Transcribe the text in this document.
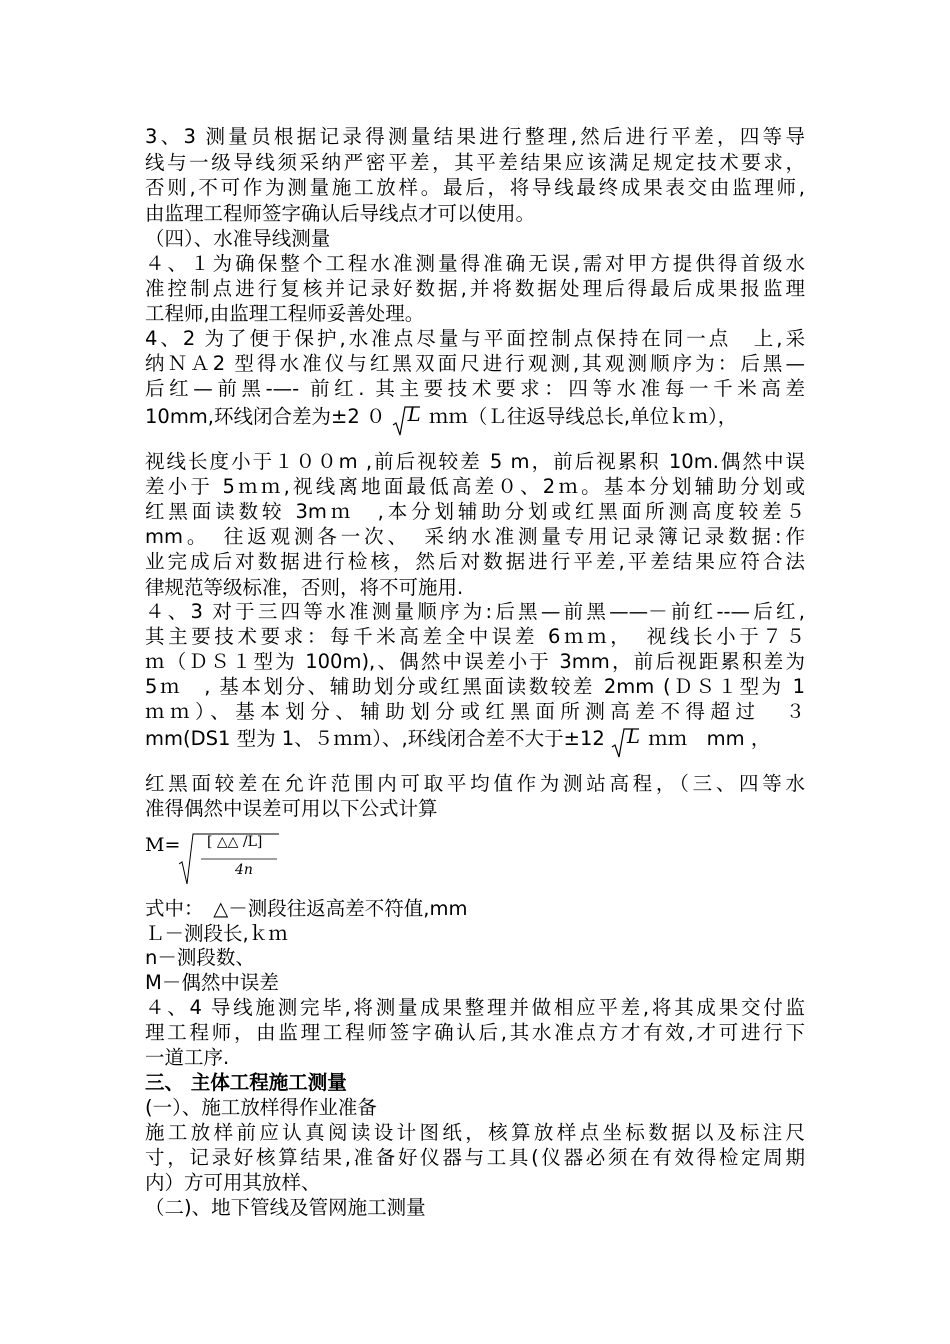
3、3 测量员根据记录得测量结果进行整理,然后进行平差，四等导
线与一级导线须采纳严密平差，其平差结果应该满足规定技术要求，
否则,不可作为测量施工放样。最后，将导线最终成果表交由监理师,
由监理工程师签字确认后导线点才可以使用。
（四）、水准导线测量
４、１为确保整个工程水准测量得准确无误,需对甲方提供得首级水
准控制点进行复核并记录好数据,并将数据处理后得最后成果报监理
工程师,由监理工程师妥善处理。
4、2 为了便于保护,水准点尽量与平面控制点保持在同一点　上,采
纳ＮＡ2 型得水准仪与红黑双面尺进行观测,其观测顺序为：后黑—
后红—前黑-—- 前红. 其主要技术要求：四等水准每一千米高差
10mm,环线闭合差为±2 ０ L ｍｍ（Ｌ往返导线总长,单位ｋｍ），
视线长度小于１００m ,前后视较差 5 m，前后视累积 10m.偶然中误
差小于 5ｍｍ,视线离地面最低高差０、2ｍ。基本分划辅助分划或
红黑面读数较 3mｍ　,本分划辅助分划或红黑面所测高度较差５
mm。　往返观测各一次、　采纳水准测量专用记录簿记录数据:作
业完成后对数据进行检核，然后对数据进行平差,平差结果应符合法
律规范等级标准，否则，将不可施用.
４、3 对于三四等水准测量顺序为:后黑—前黑——－前红--—后红,
其主要技术要求：每千米高差全中误差 6ｍｍ，　视线长小于７５
ｍ（ＤＳ１型为 100m),、偶然中误差小于 3mm，前后视距累积差为
5ｍ　, 基本划分、辅助划分或红黑面读数较差 2mm (ＤＳ１型为 1
ｍｍ）、基本划分、辅助划分或红黑面所测高差不得超过　３
mm(DS1 型为 1、５ｍｍ）、,环线闭合差不大于±12 L ｍｍ　mm ，
红黑面较差在允许范围内可取平均值作为测站高程，（三、四等水
准得偶然中误差可用以下公式计算
M= [ △△ /L]
4n
式中：　△－测段往返高差不符值,mm
Ｌ－测段长,ｋｍ
n－测段数、
M－偶然中误差
４、4 导线施测完毕,将测量成果整理并做相应平差,将其成果交付监
理工程师，由监理工程师签字确认后,其水准点方才有效,才可进行下
一道工序.
三、 主体工程施工测量
(一）、施工放样得作业准备
施工放样前应认真阅读设计图纸，核算放样点坐标数据以及标注尺
寸，记录好核算结果,准备好仪器与工具(仪器必须在有效得检定周期
内）方可用其放样、
（二)、地下管线及管网施工测量
